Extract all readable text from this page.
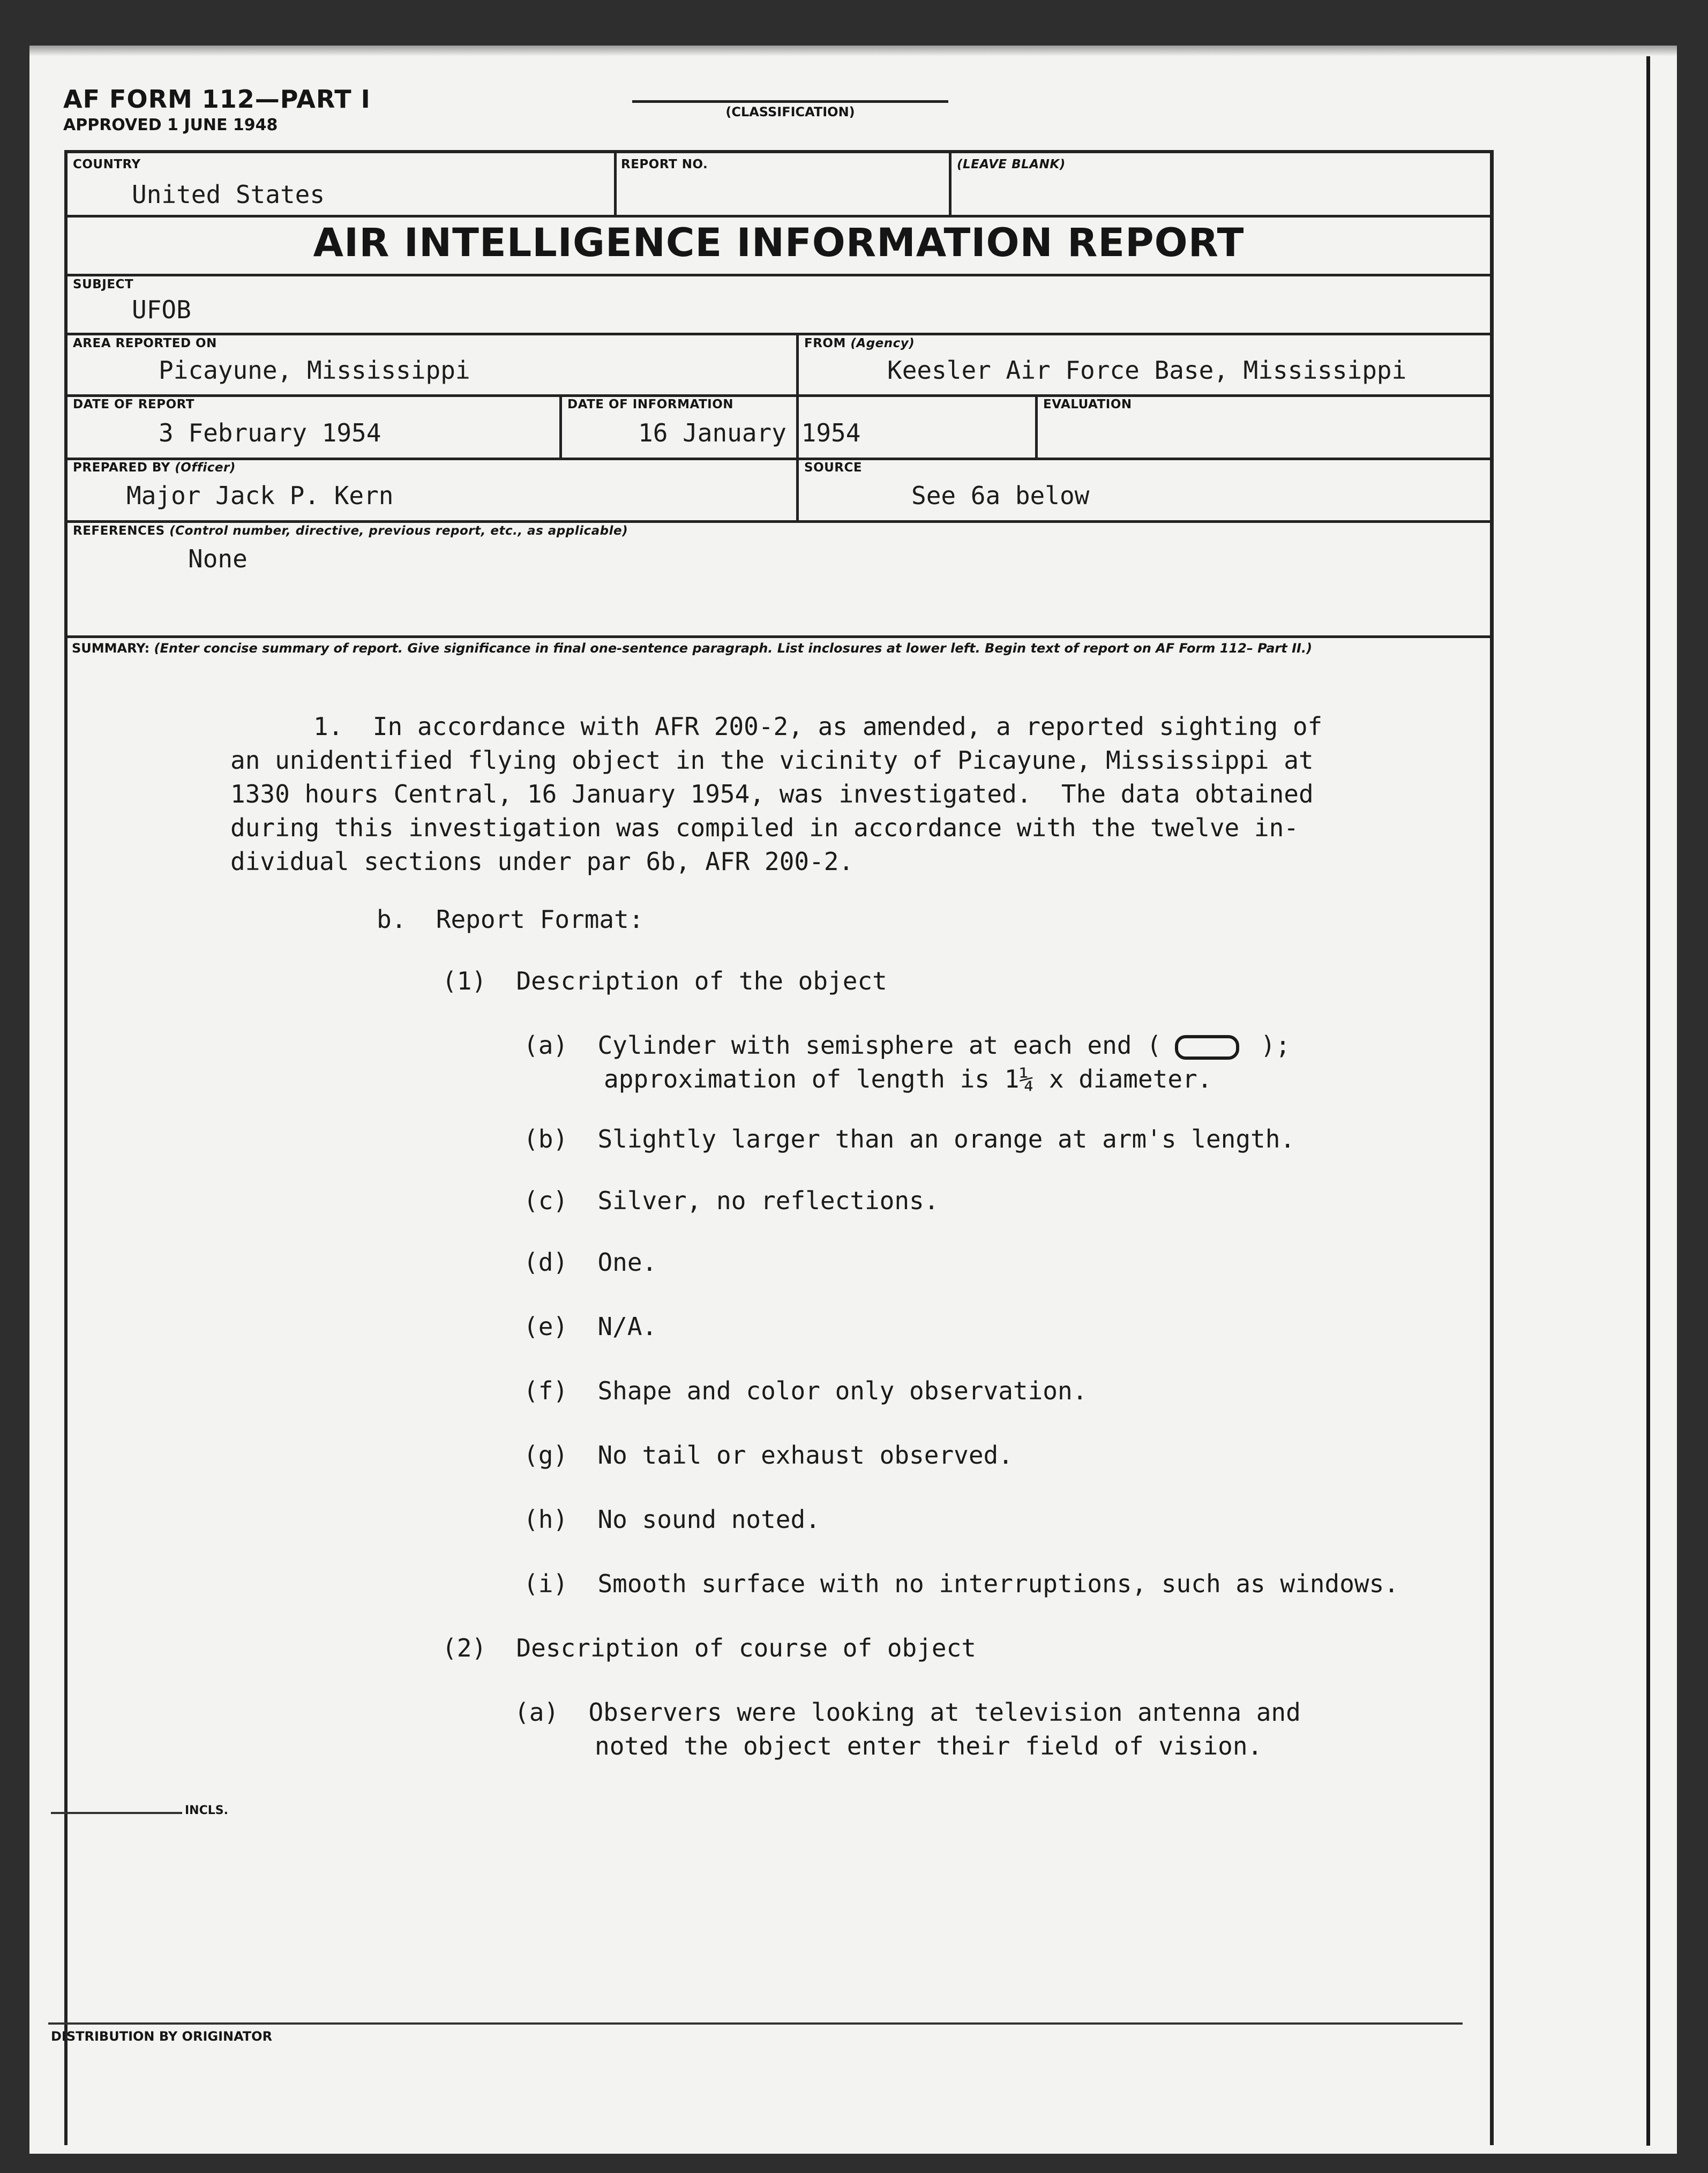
AF FORM 112—PART I
APPROVED 1 JUNE 1948
(CLASSIFICATION)
COUNTRY
United States
REPORT NO.	(LEAVE BLANK)
AIR INTELLIGENCE INFORMATION REPORT
SUBJECT
UFOB
AREA REPORTED ON
Picayune, Mississippi
FROM (Agency)
Keesler Air Force Base, Mississippi
DATE OF REPORT
3 February 1954
DATE OF INFORMATION
16 January 1954
EVALUATION
PREPARED BY (Officer)
Major Jack P. Kern
SOURCE
See 6a below
REFERENCES (Control number, directive, previous report, etc., as applicable)
None
SUMMARY: (Enter concise summary of report. Give significance in final one-sentence paragraph. List inclosures at lower left. Begin text of report on AF Form 112– Part II.)
1.  In accordance with AFR 200-2, as amended, a reported sighting of
an unidentified flying object in the vicinity of Picayune, Mississippi at
1330 hours Central, 16 January 1954, was investigated.  The data obtained
during this investigation was compiled in accordance with the twelve in-
dividual sections under par 6b, AFR 200-2.
b.  Report Format:
(1)  Description of the object
(a) Cylinder with semisphere at each end (	);
approximation of length is 1¼ x diameter.
(b)  Slightly larger than an orange at arm's length.
(c)  Silver, no reflections.
(d)  One.
(e)  N/A.
(f)  Shape and color only observation.
(g)  No tail or exhaust observed.
(h)  No sound noted.
(i)  Smooth surface with no interruptions, such as windows.
(2)  Description of course of object
(a)  Observers were looking at television antenna and
noted the object enter their field of vision.
INCLS.
DISTRIBUTION BY ORIGINATOR
